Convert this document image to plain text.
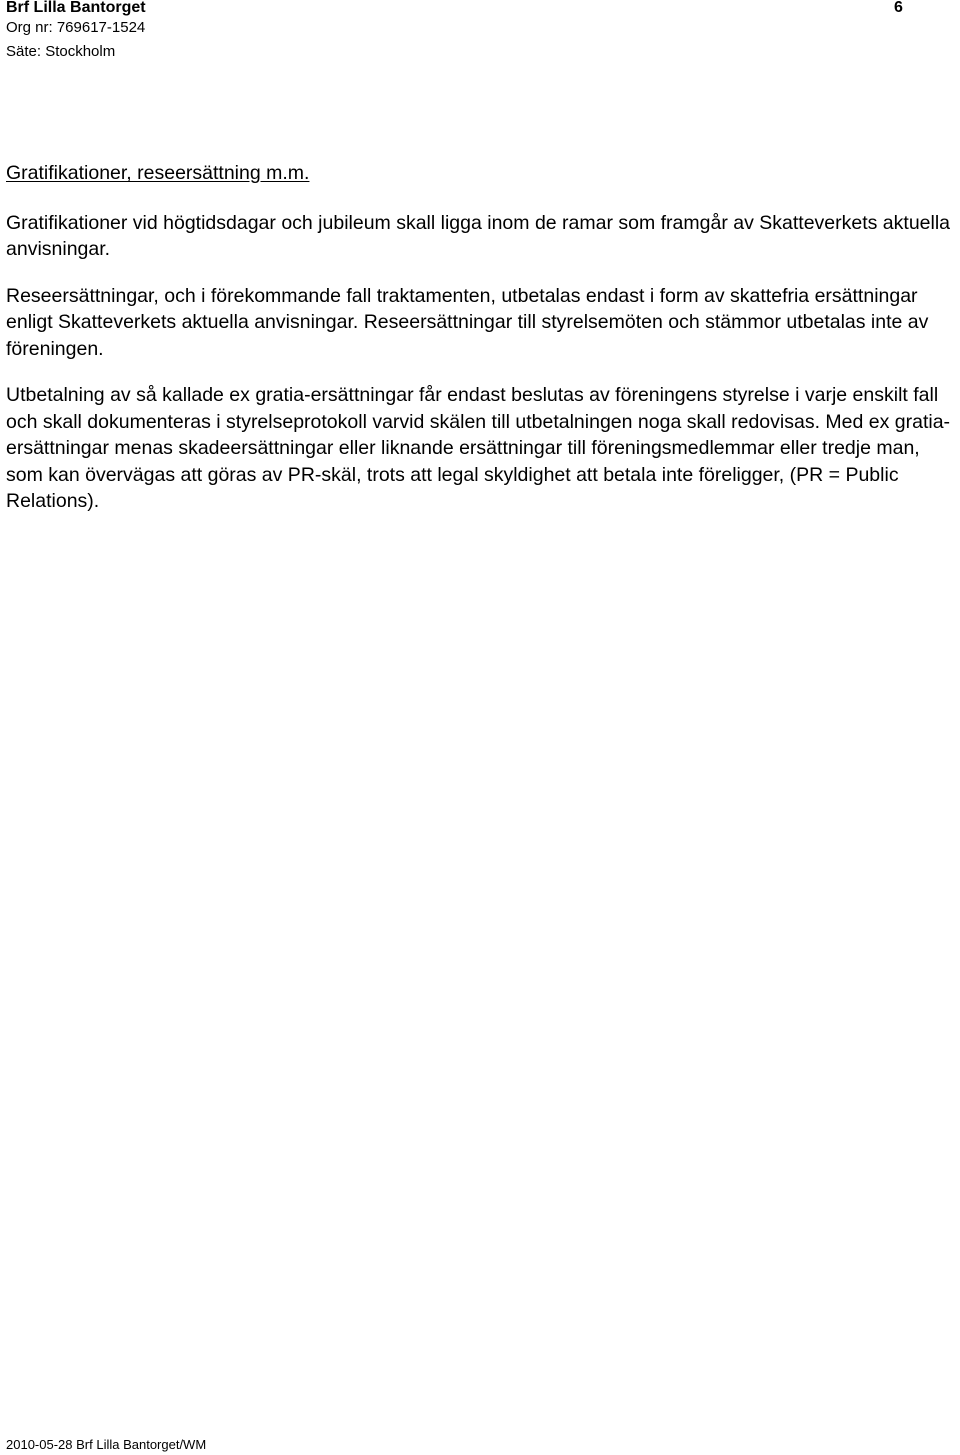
Brf Lilla Bantorget	6
Org nr: 769617-1524
Säte: Stockholm
Gratifikationer, reseersättning m.m.

Gratifikationer vid högtidsdagar och jubileum skall ligga inom de ramar som framgår av Skatteverkets aktuella anvisningar.

Reseersättningar, och i förekommande fall traktamenten, utbetalas endast i form av skattefria ersättningar enligt Skatteverkets aktuella anvisningar. Reseersättningar till styrelsemöten och stämmor utbetalas inte av föreningen.

Utbetalning av så kallade ex gratia-ersättningar får endast beslutas av föreningens styrelse i varje enskilt fall och skall dokumenteras i styrelseprotokoll varvid skälen till utbetalningen noga skall redovisas. Med ex gratia-ersättningar menas skadeersättningar eller liknande ersättningar till föreningsmedlemmar eller tredje man, som kan övervägas att göras av PR-skäl, trots att legal skyldighet att betala inte föreligger, (PR = Public Relations).

2010-05-28 Brf Lilla Bantorget/WM
